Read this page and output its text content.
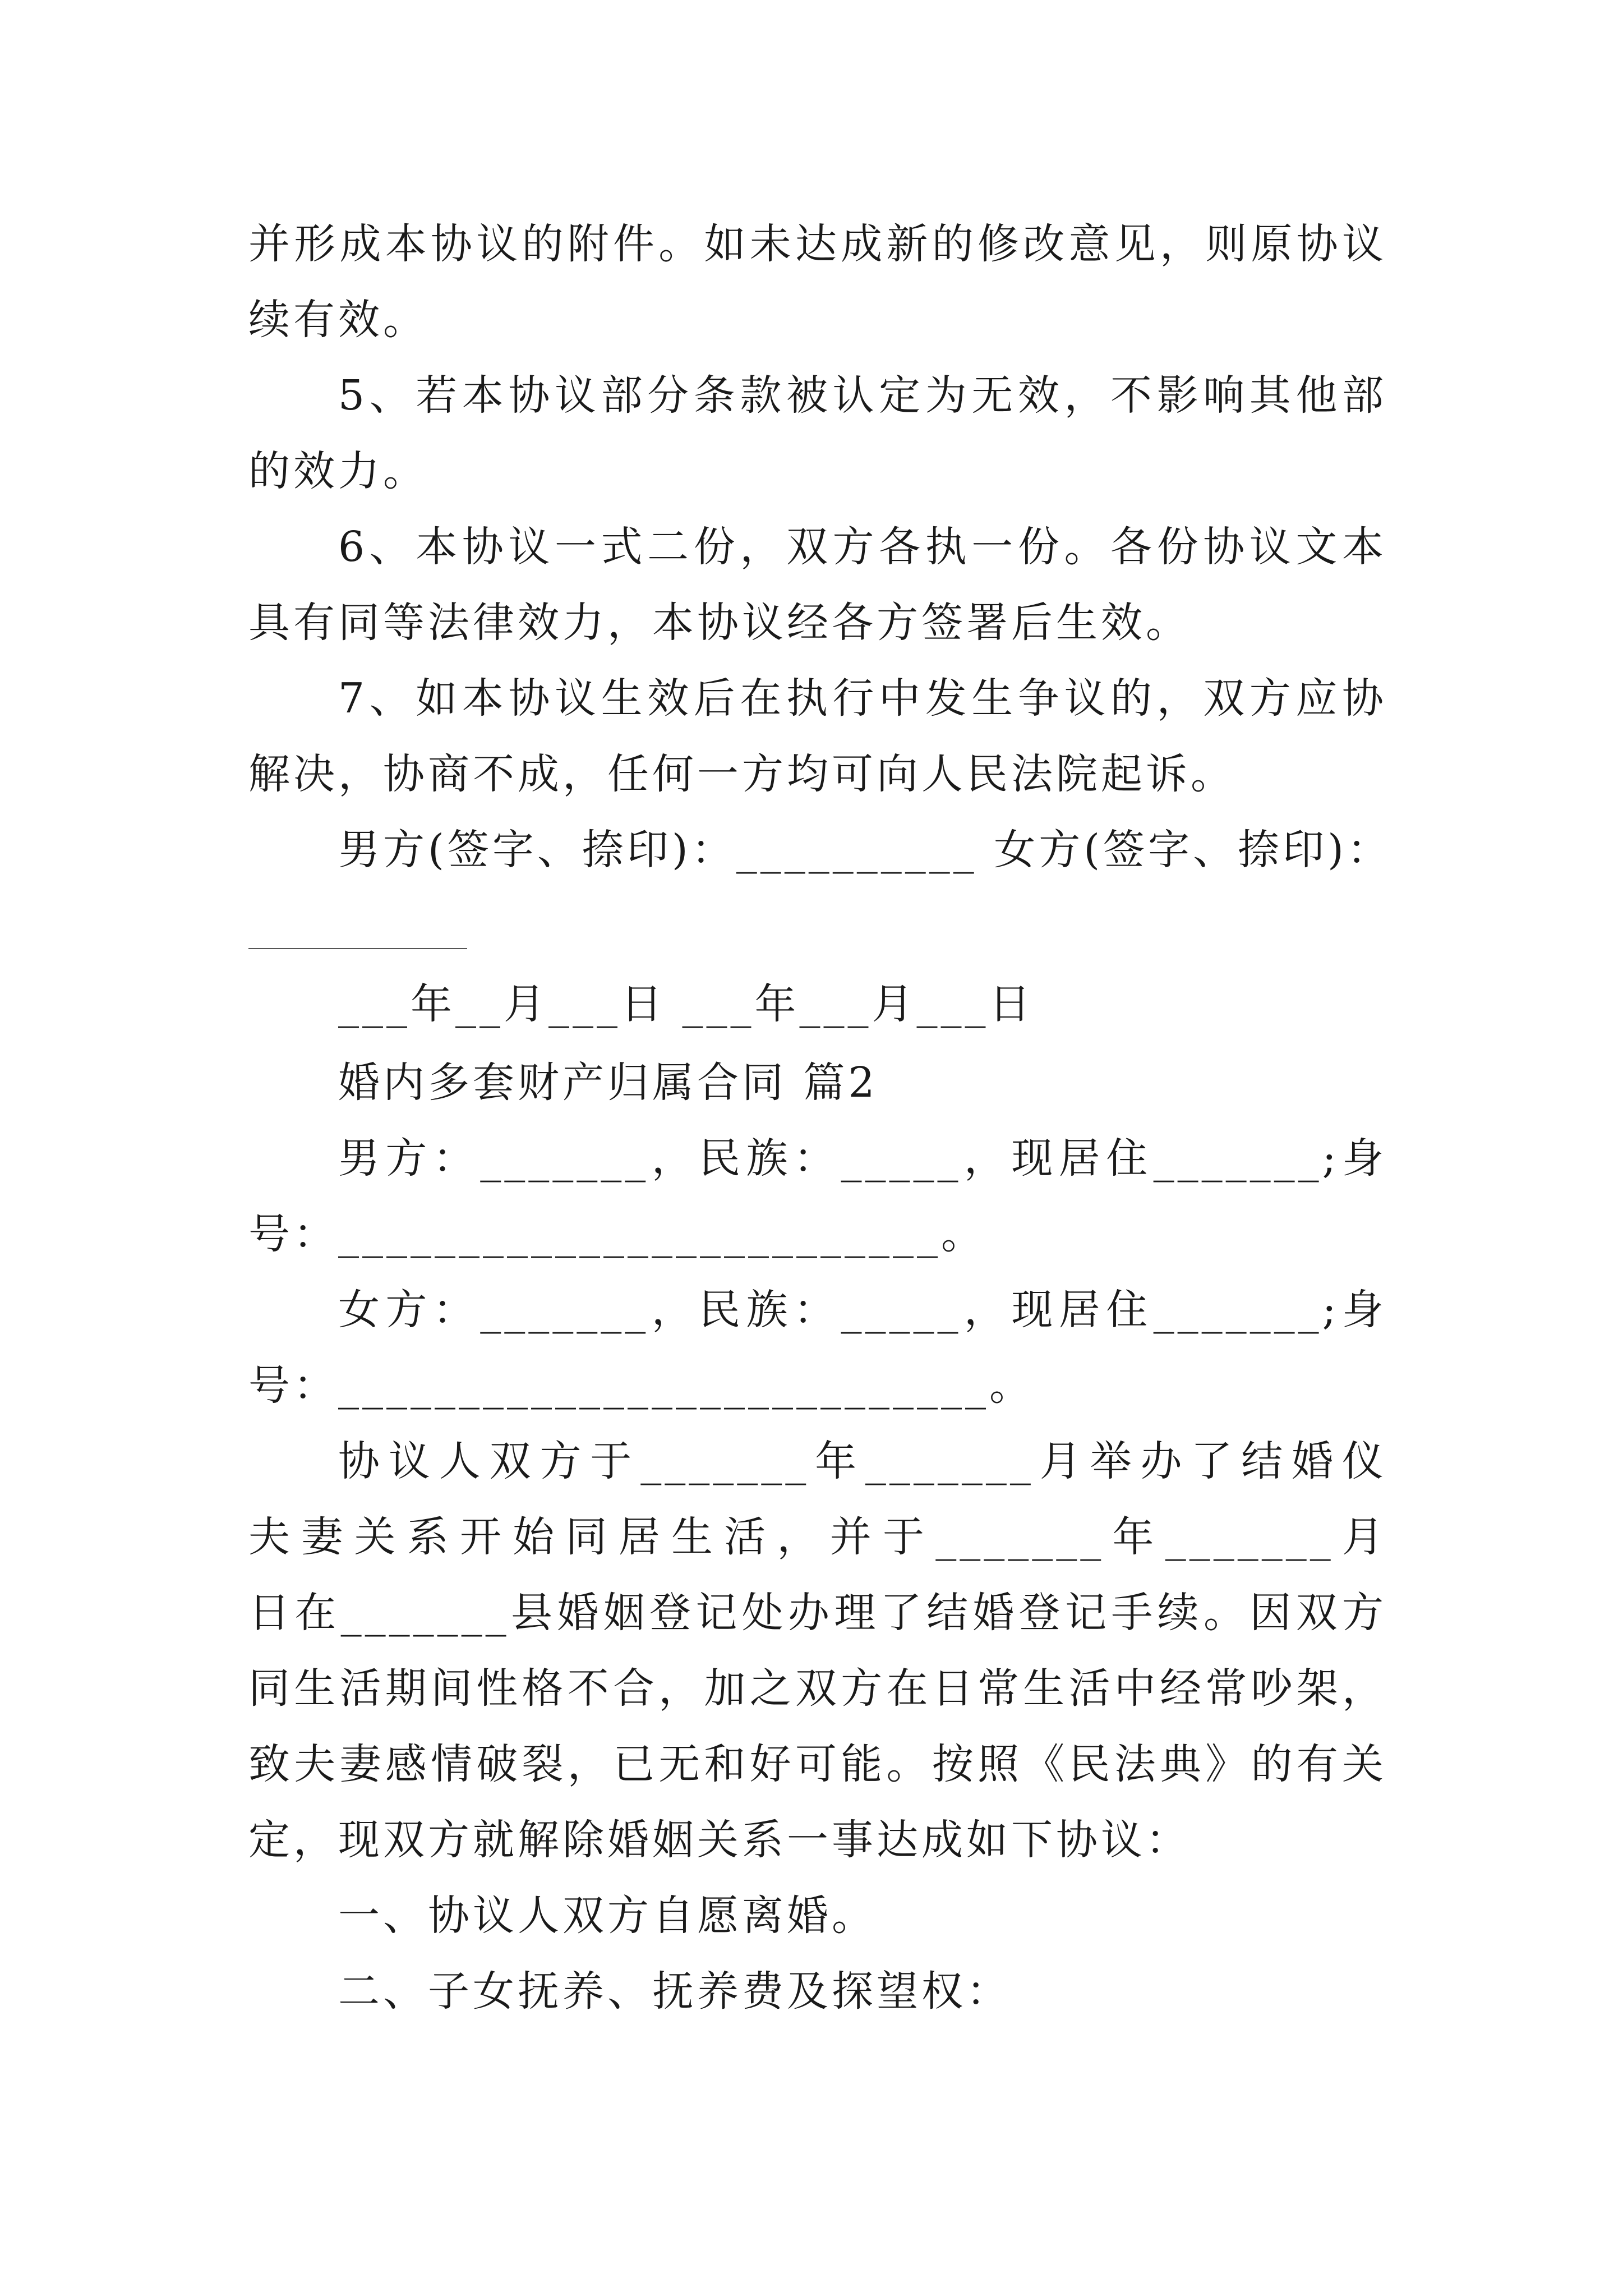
并形成本协议的附件。如未达成新的修改意见，则原协议
续有效。
5、若本协议部分条款被认定为无效，不影响其他部
的效力。
6、本协议一式二份，双方各执一份。各份协议文本
具有同等法律效力，本协议经各方签署后生效。
7、如本协议生效后在执行中发生争议的，双方应协
解决，协商不成，任何一方均可向人民法院起诉。
男方(签字、捺印)：__________ 女方(签字、捺印)：
___年__月___日 ___年___月___日
婚内多套财产归属合同 篇2
男方：_______，民族：_____，现居住_______;身
号：_________________________。
女方：_______，民族：_____，现居住_______;身
号：___________________________。
协议人双方于_______年_______月举办了结婚仪
夫妻关系开始同居生活，并于_______年_______月
日在_______县婚姻登记处办理了结婚登记手续。因双方
同生活期间性格不合，加之双方在日常生活中经常吵架，
致夫妻感情破裂，已无和好可能。按照《民法典》的有关
定，现双方就解除婚姻关系一事达成如下协议：
一、协议人双方自愿离婚。
二、子女抚养、抚养费及探望权：
